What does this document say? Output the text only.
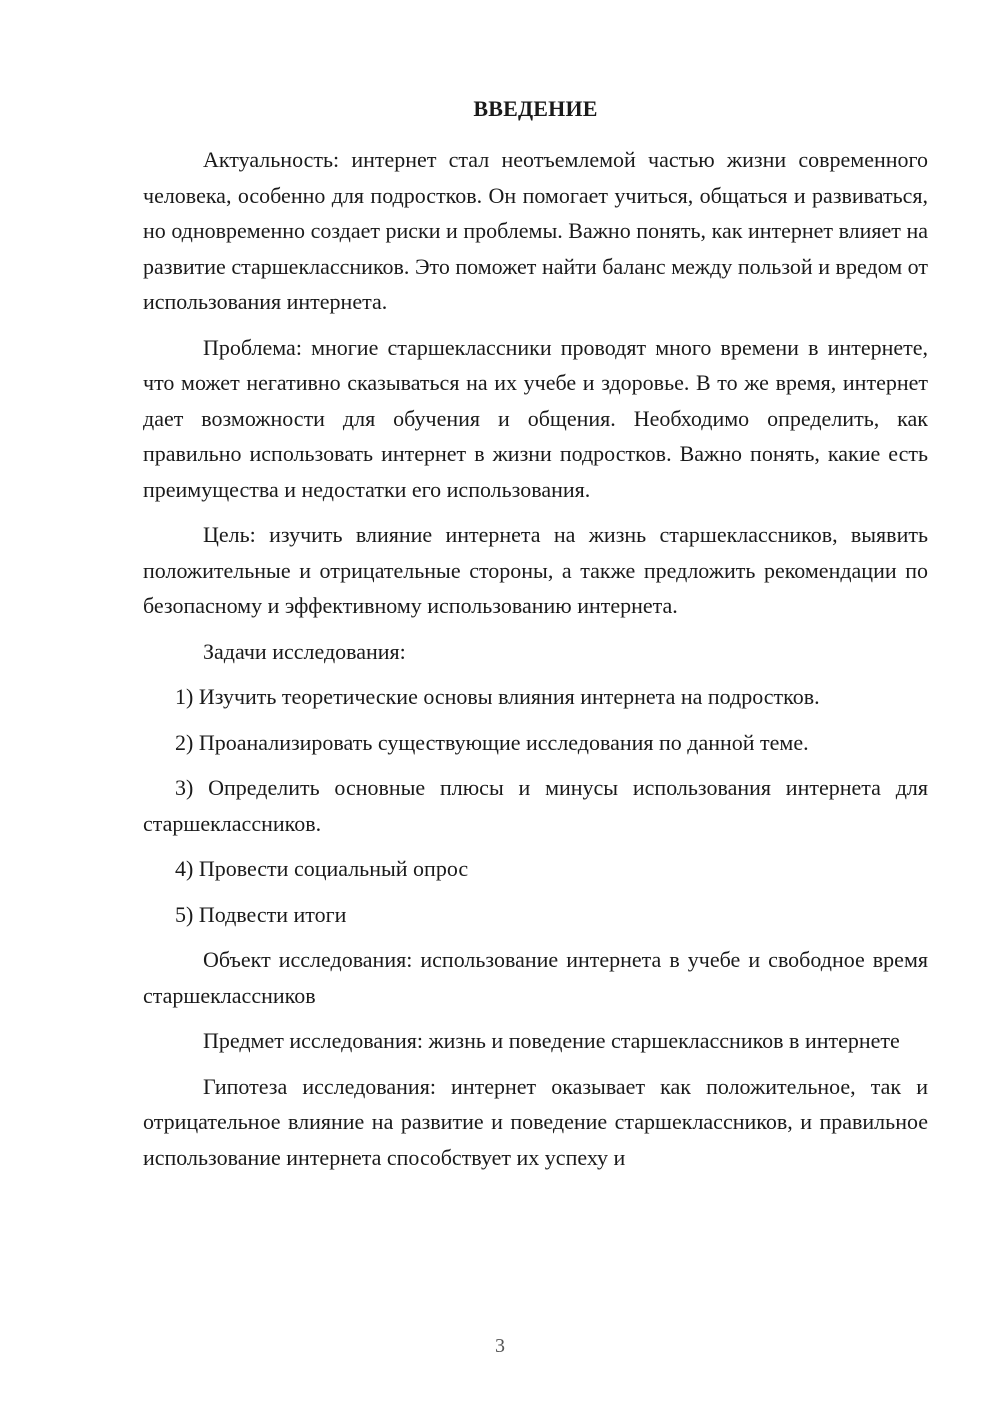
ВВЕДЕНИЕ

Актуальность: интернет стал неотъемлемой частью жизни современного человека, особенно для подростков. Он помогает учиться, общаться и развиваться, но одновременно создает риски и проблемы. Важно понять, как интернет влияет на развитие старшеклассников. Это поможет найти баланс между пользой и вредом от использования интернета.

Проблема: многие старшеклассники проводят много времени в интернете, что может негативно сказываться на их учебе и здоровье. В то же время, интернет дает возможности для обучения и общения. Необходимо определить, как правильно использовать интернет в жизни подростков. Важно понять, какие есть преимущества и недостатки его использования.

Цель: изучить влияние интернета на жизнь старшеклассников, выявить положительные и отрицательные стороны, а также предложить рекомендации по безопасному и эффективному использованию интернета.

Задачи исследования:

1) Изучить теоретические основы влияния интернета на подростков.

2) Проанализировать существующие исследования по данной теме.

3) Определить основные плюсы и минусы использования интернета для старшеклассников.

4) Провести социальный опрос

5) Подвести итоги

Объект исследования: использование интернета в учебе и свободное время старшеклассников

Предмет исследования: жизнь и поведение старшеклассников в интернете

Гипотеза исследования: интернет оказывает как положительное, так и отрицательное влияние на развитие и поведение старшеклассников, и правильное использование интернета способствует их успеху и

3
